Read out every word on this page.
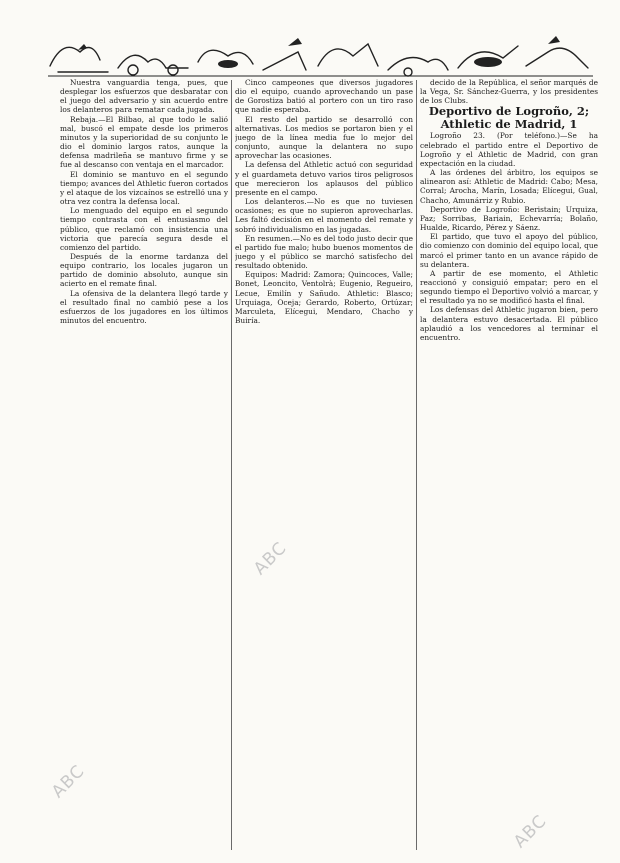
Nuestra vanguardia tenga, pues, que desplegar los esfuerzos que desbaratar con el juego del adversario y sin acuerdo entre los delanteros para rematar cada jugada.

Rebaja.—El Bilbao, al que todo le salió mal, buscó el empate desde los primeros minutos y la superioridad de su conjunto le dio el dominio largos ratos, aunque la defensa madrileña se mantuvo firme y se fue al descanso con ventaja en el marcador.

El dominio se mantuvo en el segundo tiempo; avances del Athletic fueron cortados y el ataque de los vizcaínos se estrelló una y otra vez contra la defensa local.

Lo menguado del equipo en el segundo tiempo contrasta con el entusiasmo del público, que reclamó con insistencia una victoria que parecía segura desde el comienzo del partido.

Después de la enorme tardanza del equipo contrario, los locales jugaron un partido de dominio absoluto, aunque sin acierto en el remate final.

La ofensiva de la delantera llegó tarde y el resultado final no cambió pese a los esfuerzos de los jugadores en los últimos minutos del encuentro.

Cinco campeones que diversos jugadores dio el equipo, cuando aprovechando un pase de Gorostiza batió al portero con un tiro raso que nadie esperaba.

El resto del partido se desarrolló con alternativas. Los medios se portaron bien y el juego de la línea media fue lo mejor del conjunto, aunque la delantera no supo aprovechar las ocasiones.

La defensa del Athletic actuó con seguridad y el guardameta detuvo varios tiros peligrosos que merecieron los aplausos del público presente en el campo.

Los delanteros.—No es que no tuviesen ocasiones; es que no supieron aprovecharlas. Les faltó decisión en el momento del remate y sobró individualismo en las jugadas.

En resumen.—No es del todo justo decir que el partido fue malo; hubo buenos momentos de juego y el público se marchó satisfecho del resultado obtenido.

Equipos: Madrid: Zamora; Quincoces, Valle; Bonet, Leoncito, Ventolrà; Eugenio, Regueiro, Lecue, Emilín y Sañudo. Athletic: Blasco; Urquiaga, Oceja; Gerardo, Roberto, Ortúzar; Marculeta, Elícegui, Mendaro, Chacho y Buiría.

decido de la República, el señor marqués de la Vega, Sr. Sánchez-Guerra, y los presidentes de los Clubs.

Deportivo de Logroño, 2; Athletic de Madrid, 1

Logroño 23. (Por teléfono.)—Se ha celebrado el partido entre el Deportivo de Logroño y el Athletic de Madrid, con gran expectación en la ciudad.

A las órdenes del árbitro, los equipos se alinearon así: Athletic de Madrid: Cabo; Mesa, Corral; Arocha, Marín, Losada; Elícegui, Gual, Chacho, Amunárriz y Rubio.

Deportivo de Logroño: Beristain; Urquiza, Paz; Sorribas, Bariain, Echevarría; Bolaño, Hualde, Ricardo, Pérez y Sáenz.

El partido, que tuvo el apoyo del público, dio comienzo con dominio del equipo local, que marcó el primer tanto en un avance rápido de su delantera.

A partir de ese momento, el Athletic reaccionó y consiguió empatar; pero en el segundo tiempo el Deportivo volvió a marcar, y el resultado ya no se modificó hasta el final.

Los defensas del Athletic jugaron bien, pero la delantera estuvo desacertada. El público aplaudió a los vencedores al terminar el encuentro.

ABC
ABC
ABC
